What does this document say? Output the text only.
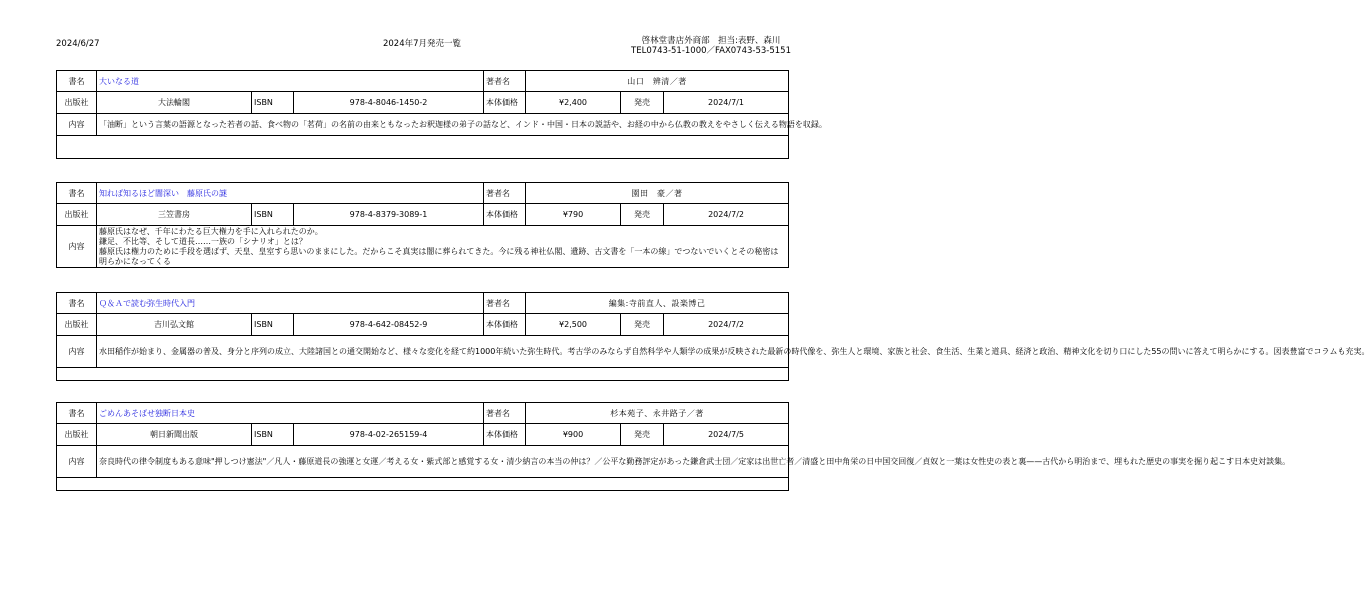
2024/6/27	2024年7月発売一覧	啓林堂書店外商部　担当:表野、森川
TEL0743-51-1000／FAX0743-53-5151
書名	大いなる道			著者名	山口　辨清／著		
出版社	大法輪閣	ISBN	978-4-8046-1450-2	本体価格	¥2,400	発売	2024/7/1
内容	「油断」という言葉の語源となった若者の話、食べ物の「茗荷」の名前の由来ともなったお釈迦様の弟子の話など、インド・中国・日本の説話や、お経の中から仏教の教えをやさしく伝える物語を収録。						

書名	知れば知るほど闇深い　藤原氏の謎			著者名	園田　豪／著		
出版社	三笠書房	ISBN	978-4-8379-3089-1	本体価格	¥790	発売	2024/7/2
内容	藤原氏はなぜ、千年にわたる巨大権力を手に入れられたのか。
鎌足、不比等、そして道長……一族の「シナリオ」とは？
藤原氏は権力のために手段を選ばず、天皇、皇室すら思いのままにした。だからこそ真実は闇に葬られてきた。今に残る神社仏閣、遺跡、古文書を「一本の線」でつないでいくとその秘密は明らかになってくる						
書名	Ｑ＆Ａで読む弥生時代入門			著者名	編集:寺前直人、設楽博己		
出版社	吉川弘文館	ISBN	978-4-642-08452-9	本体価格	¥2,500	発売	2024/7/2
内容	水田稲作が始まり、金属器の普及、身分と序列の成立、大陸諸国との通交開始など、様々な変化を経て約1000年続いた弥生時代。考古学のみならず自然科学や人類学の成果が反映された最新の時代像を、弥生人と環境、家族と社会、食生活、生業と道具、経済と政治、精神文化を切り口にした55の問いに答えて明らかにする。図表豊富でコラムも充実。						

書名	ごめんあそばせ独断日本史			著者名	杉本苑子、永井路子／著		
出版社	朝日新聞出版	ISBN	978-4-02-265159-4	本体価格	¥900	発売	2024/7/5
内容	奈良時代の律令制度もある意味"押しつけ憲法"／凡人・藤原道長の強運と女運／考える女・紫式部と感覚する女・清少納言の本当の仲は？／公平な勤務評定があった鎌倉武士団／定家は出世亡者／清盛と田中角栄の日中国交回復／貞奴と一葉は女性史の表と裏——古代から明治まで、埋もれた歴史の事実を掘り起こす日本史対談集。						
